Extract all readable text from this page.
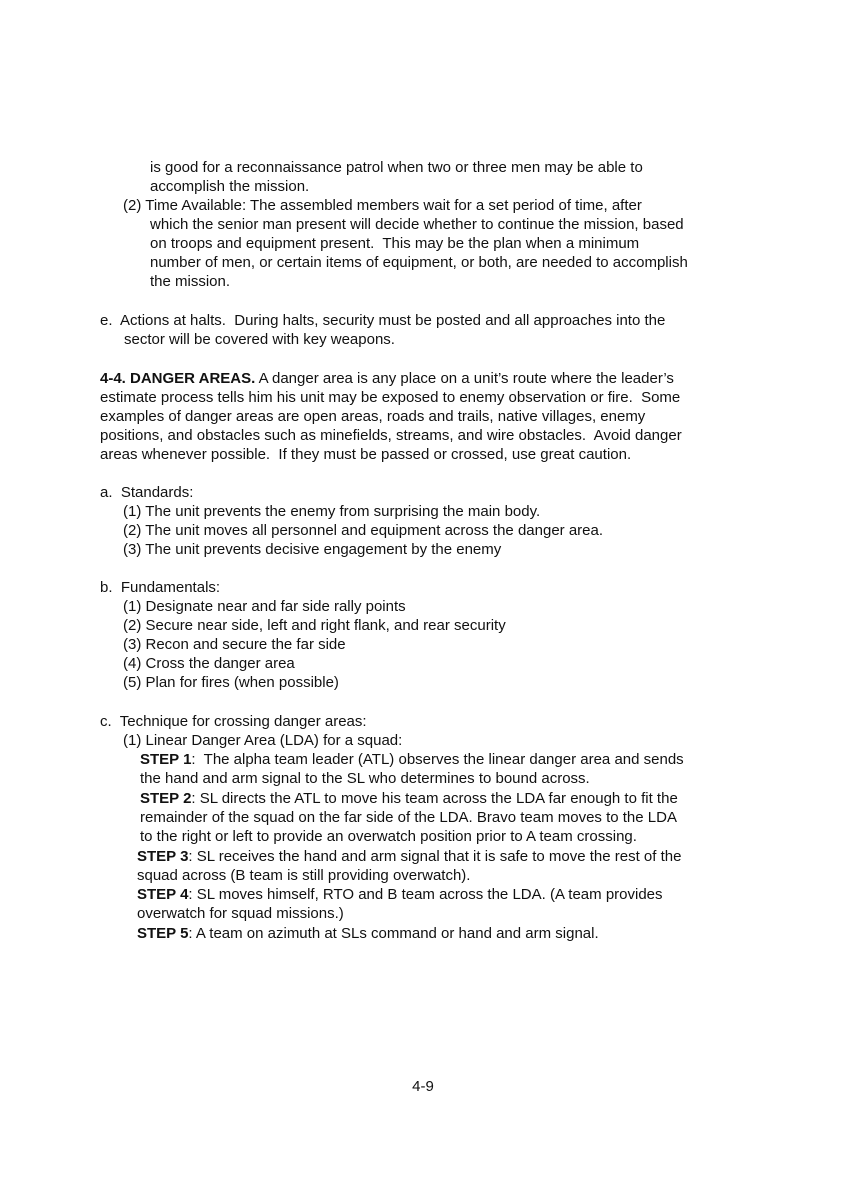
is good for a reconnaissance patrol when two or three men may be able to
accomplish the mission.
(2) Time Available: The assembled members wait for a set period of time, after
which the senior man present will decide whether to continue the mission, based
on troops and equipment present.  This may be the plan when a minimum
number of men, or certain items of equipment, or both, are needed to accomplish
the mission.
e.  Actions at halts.  During halts, security must be posted and all approaches into the
sector will be covered with key weapons.
4-4. DANGER AREAS. A danger area is any place on a unit’s route where the leader’s
estimate process tells him his unit may be exposed to enemy observation or fire.  Some
examples of danger areas are open areas, roads and trails, native villages, enemy
positions, and obstacles such as minefields, streams, and wire obstacles.  Avoid danger
areas whenever possible.  If they must be passed or crossed, use great caution.
a.  Standards:
(1) The unit prevents the enemy from surprising the main body.
(2) The unit moves all personnel and equipment across the danger area.
(3) The unit prevents decisive engagement by the enemy
b.  Fundamentals:
(1) Designate near and far side rally points
(2) Secure near side, left and right flank, and rear security
(3) Recon and secure the far side
(4) Cross the danger area
(5) Plan for fires (when possible)
c.  Technique for crossing danger areas:
(1) Linear Danger Area (LDA) for a squad:
STEP 1:  The alpha team leader (ATL) observes the linear danger area and sends
the hand and arm signal to the SL who determines to bound across.
STEP 2: SL directs the ATL to move his team across the LDA far enough to fit the
remainder of the squad on the far side of the LDA. Bravo team moves to the LDA
to the right or left to provide an overwatch position prior to A team crossing.
STEP 3: SL receives the hand and arm signal that it is safe to move the rest of the
squad across (B team is still providing overwatch).
STEP 4: SL moves himself, RTO and B team across the LDA. (A team provides
overwatch for squad missions.)
STEP 5: A team on azimuth at SLs command or hand and arm signal.
4-9
